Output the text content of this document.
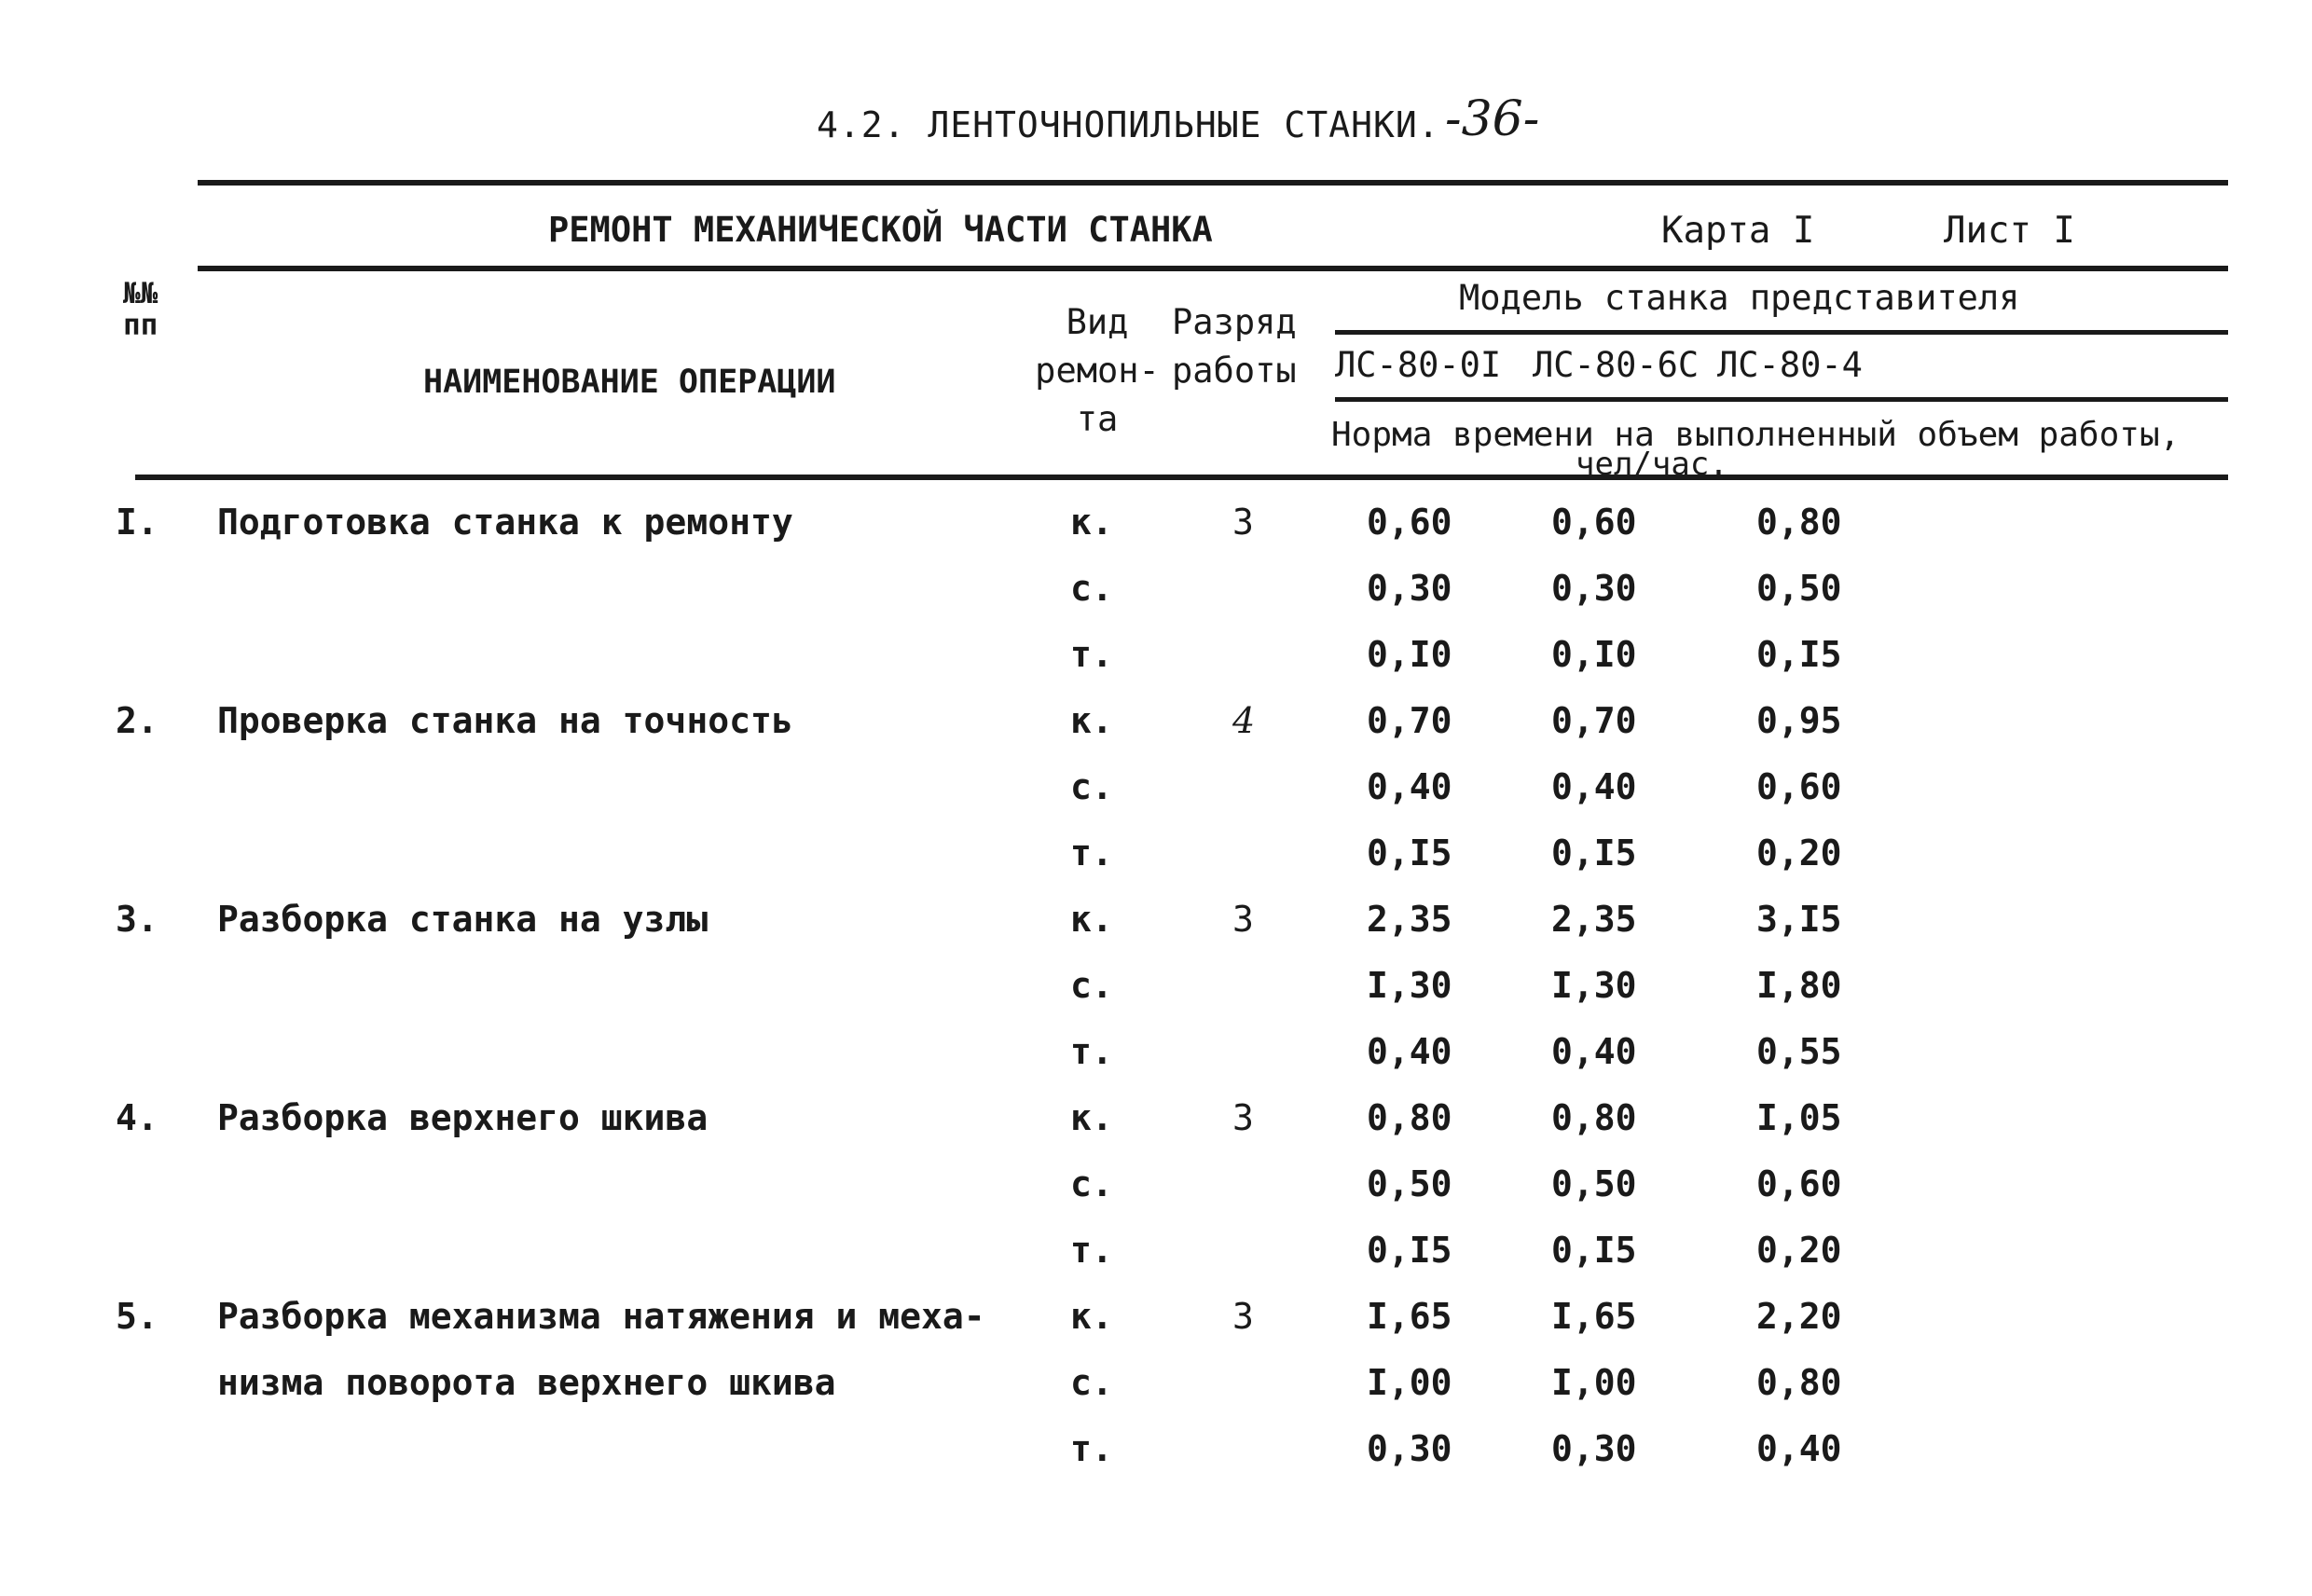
4.2. ЛЕНТОЧНОПИЛЬНЫЕ СТАНКИ. -36-
РЕМОНТ МЕХАНИЧЕСКОЙ ЧАСТИ СТАНКА	Карта I	Лист I
№№
пп
НАИМЕНОВАНИЕ ОПЕРАЦИИ
Вид
ремон-
та
Разряд
работы
Модель станка представителя
ЛС-80-0I ЛС-80-6С ЛС-80-4
Норма времени на выполненный объем работы,
чел/час.
I. Подготовка станка к ремонту	к.	3	0,60	0,60	0,80
с.	0,30	0,30	0,50
т.	0,I0	0,I0	0,I5
2. Проверка станка на точность	к.	4	0,70	0,70	0,95
с.	0,40	0,40	0,60
т.	0,I5	0,I5	0,20
3. Разборка станка на узлы	к.	3	2,35	2,35	3,I5
с.	I,30	I,30	I,80
т.	0,40	0,40	0,55
4. Разборка верхнего шкива	к.	3	0,80	0,80	I,05
с.	0,50	0,50	0,60
т.	0,I5	0,I5	0,20
5. Разборка механизма натяжения и меха- к.	3	I,65	I,65	2,20
низма поворота верхнего шкива	с.	I,00	I,00	0,80
т.	0,30	0,30	0,40
